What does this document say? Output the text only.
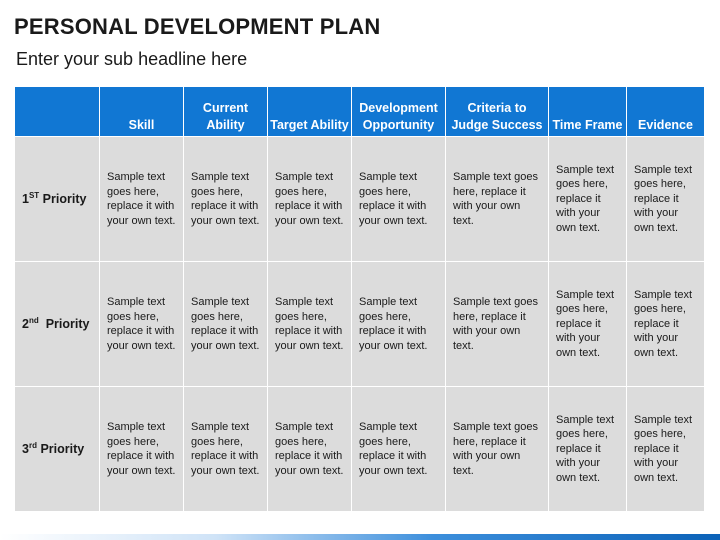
PERSONAL DEVELOPMENT PLAN
Enter your sub headline here
	Skill	Current Ability	Target Ability	Development Opportunity	Criteria to Judge Success	Time Frame	Evidence
1ST Priority	Sample text goes here, replace it with your own text.	Sample text goes here, replace it with your own text.	Sample text goes here, replace it with your own text.	Sample text goes here, replace it with your own text.	Sample text goes here, replace it with your own text.	Sample text goes here, replace it with your own text.	Sample text goes here, replace it with your own text.
2nd Priority	Sample text goes here, replace it with your own text.	Sample text goes here, replace it with your own text.	Sample text goes here, replace it with your own text.	Sample text goes here, replace it with your own text.	Sample text goes here, replace it with your own text.	Sample text goes here, replace it with your own text.	Sample text goes here, replace it with your own text.
3rd Priority	Sample text goes here, replace it with your own text.	Sample text goes here, replace it with your own text.	Sample text goes here, replace it with your own text.	Sample text goes here, replace it with your own text.	Sample text goes here, replace it with your own text.	Sample text goes here, replace it with your own text.	Sample text goes here, replace it with your own text.
